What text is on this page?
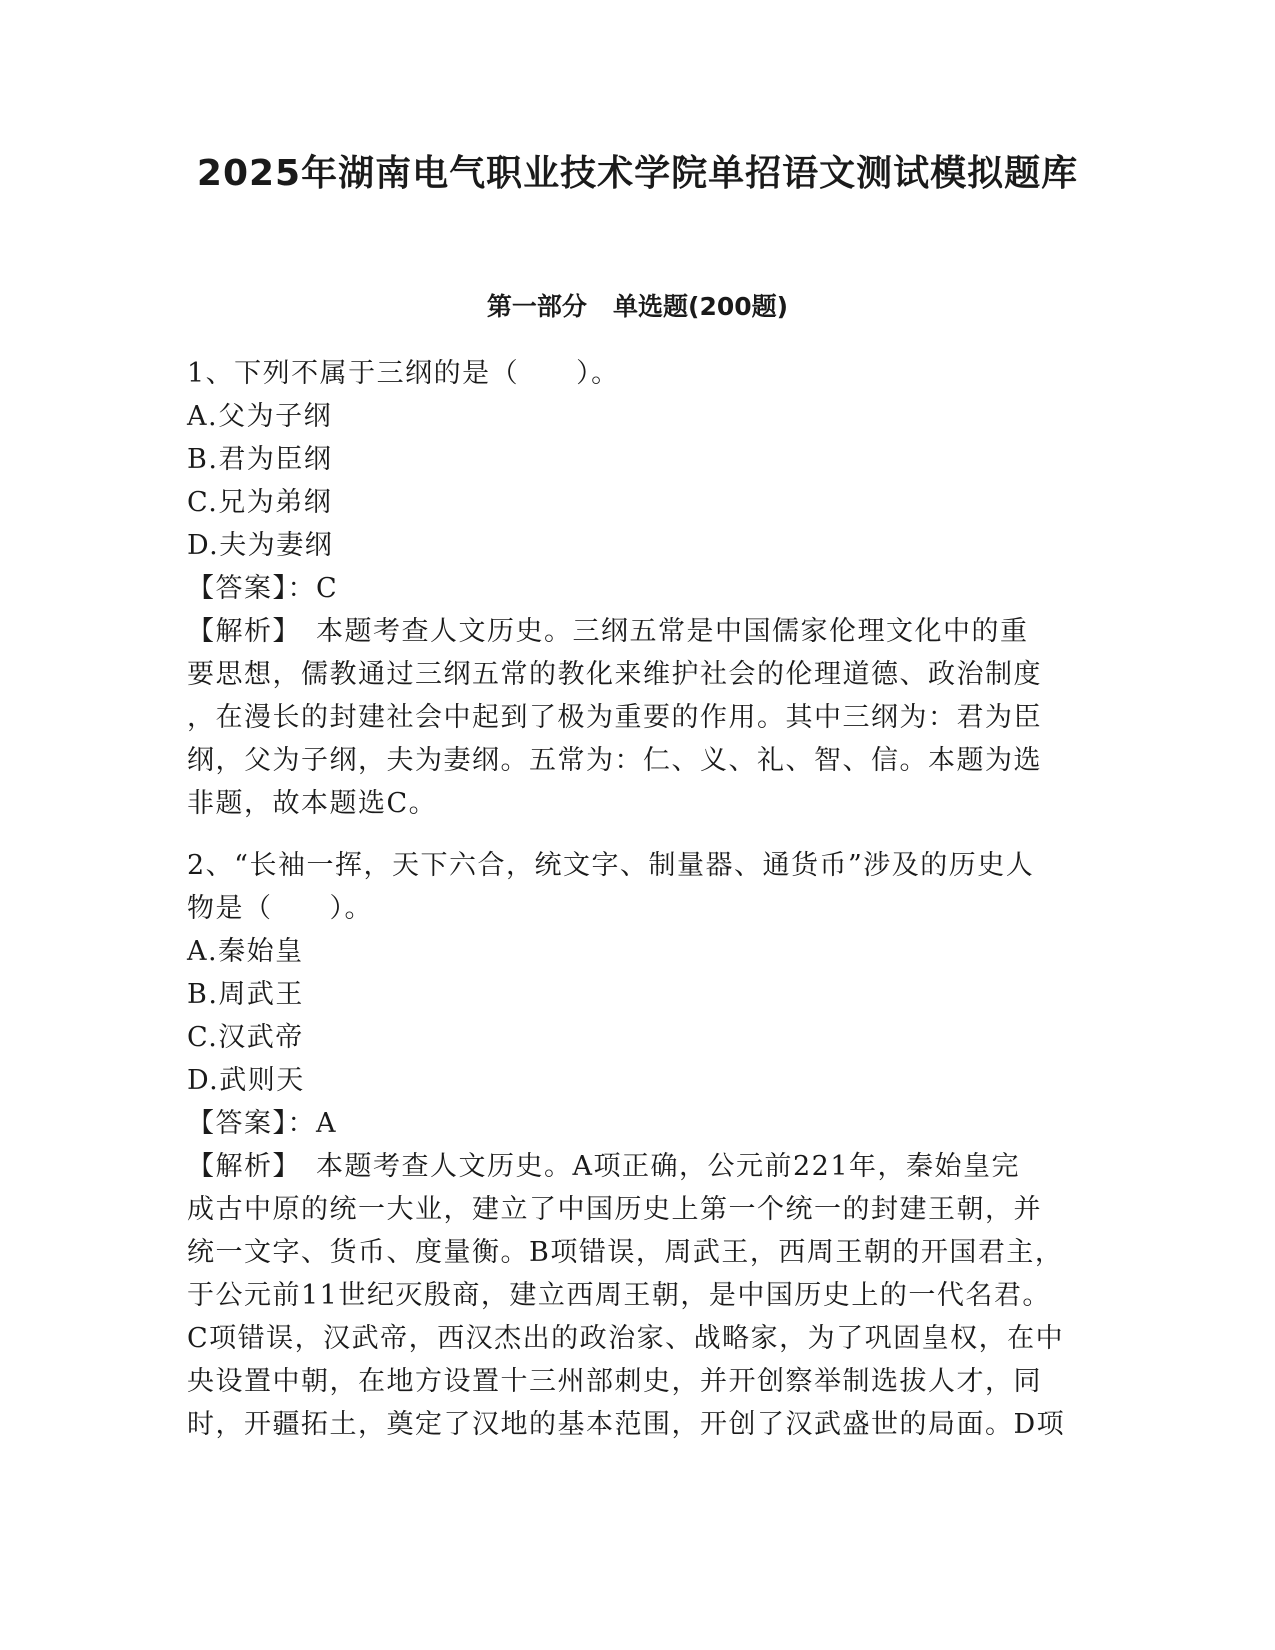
2025年湖南电气职业技术学院单招语文测试模拟题库
第一部分   单选题(200题)
1、下列不属于三纲的是（　　）。
A.父为子纲
B.君为臣纲
C.兄为弟纲
D.夫为妻纲
【答案】：C
【解析】　本题考查人文历史。三纲五常是中国儒家伦理文化中的重
要思想，儒教通过三纲五常的教化来维护社会的伦理道德、政治制度
，在漫长的封建社会中起到了极为重要的作用。其中三纲为：君为臣
纲，父为子纲，夫为妻纲。五常为：仁、义、礼、智、信。本题为选
非题，故本题选C。
2、“长袖一挥，天下六合，统文字、制量器、通货币”涉及的历史人
物是（　　）。
A.秦始皇
B.周武王
C.汉武帝
D.武则天
【答案】：A
【解析】　本题考查人文历史。A项正确，公元前221年，秦始皇完
成古中原的统一大业，建立了中国历史上第一个统一的封建王朝，并
统一文字、货币、度量衡。B项错误，周武王，西周王朝的开国君主，
于公元前11世纪灭殷商，建立西周王朝，是中国历史上的一代名君。
C项错误，汉武帝，西汉杰出的政治家、战略家，为了巩固皇权，在中
央设置中朝，在地方设置十三州部刺史，并开创察举制选拔人才，同
时，开疆拓土，奠定了汉地的基本范围，开创了汉武盛世的局面。D项
